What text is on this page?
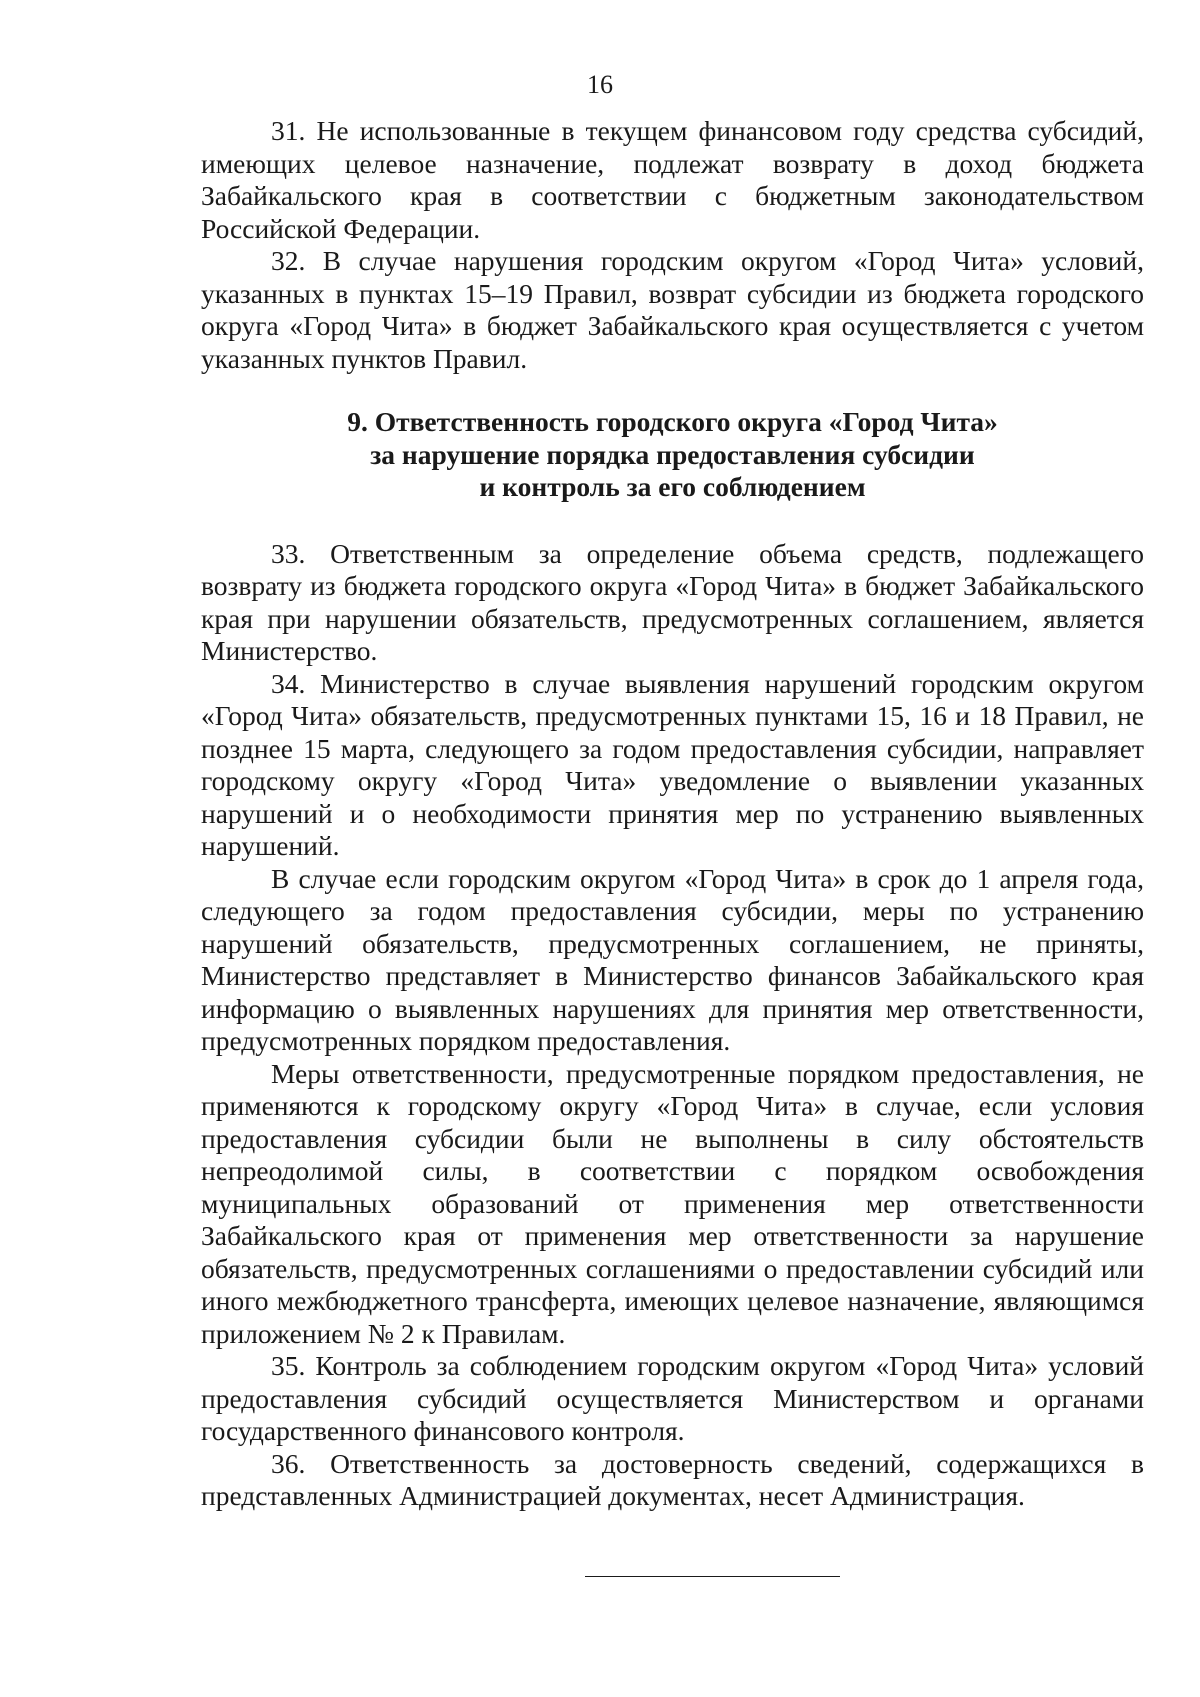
16

31. Не использованные в текущем финансовом году средства субсидий, имеющих целевое назначение, подлежат возврату в доход бюджета Забайкальского края в соответствии с бюджетным законодательством Российской Федерации.

32. В случае нарушения городским округом «Город Чита» условий, указанных в пунктах 15–19 Правил, возврат субсидии из бюджета городского округа «Город Чита» в бюджет Забайкальского края осуществляется с учетом указанных пунктов Правил.

9. Ответственность городского округа «Город Чита»
за нарушение порядка предоставления субсидии
и контроль за его соблюдением

33. Ответственным за определение объема средств, подлежащего возврату из бюджета городского округа «Город Чита» в бюджет Забайкальского края при нарушении обязательств, предусмотренных соглашением, является Министерство.

34. Министерство в случае выявления нарушений городским округом «Город Чита» обязательств, предусмотренных пунктами 15, 16 и 18 Правил, не позднее 15 марта, следующего за годом предоставления субсидии, направляет городскому округу «Город Чита» уведомление о выявлении указанных нарушений и о необходимости принятия мер по устранению выявленных нарушений.

В случае если городским округом «Город Чита» в срок до 1 апреля года, следующего за годом предоставления субсидии, меры по устранению нарушений обязательств, предусмотренных соглашением, не приняты, Министерство представляет в Министерство финансов Забайкальского края информацию о выявленных нарушениях для принятия мер ответственности, предусмотренных порядком предоставления.

Меры ответственности, предусмотренные порядком предоставления, не применяются к городскому округу «Город Чита» в случае, если условия предоставления субсидии были не выполнены в силу обстоятельств непреодолимой силы, в соответствии с порядком освобождения муниципальных образований от применения мер ответственности Забайкальского края от применения мер ответственности за нарушение обязательств, предусмотренных соглашениями о предоставлении субсидий или иного межбюджетного трансферта, имеющих целевое назначение, являющимся приложением № 2 к Правилам.

35. Контроль за соблюдением городским округом «Город Чита» условий предоставления субсидий осуществляется Министерством и органами государственного финансового контроля.

36. Ответственность за достоверность сведений, содержащихся в представленных Администрацией документах, несет Администрация.
